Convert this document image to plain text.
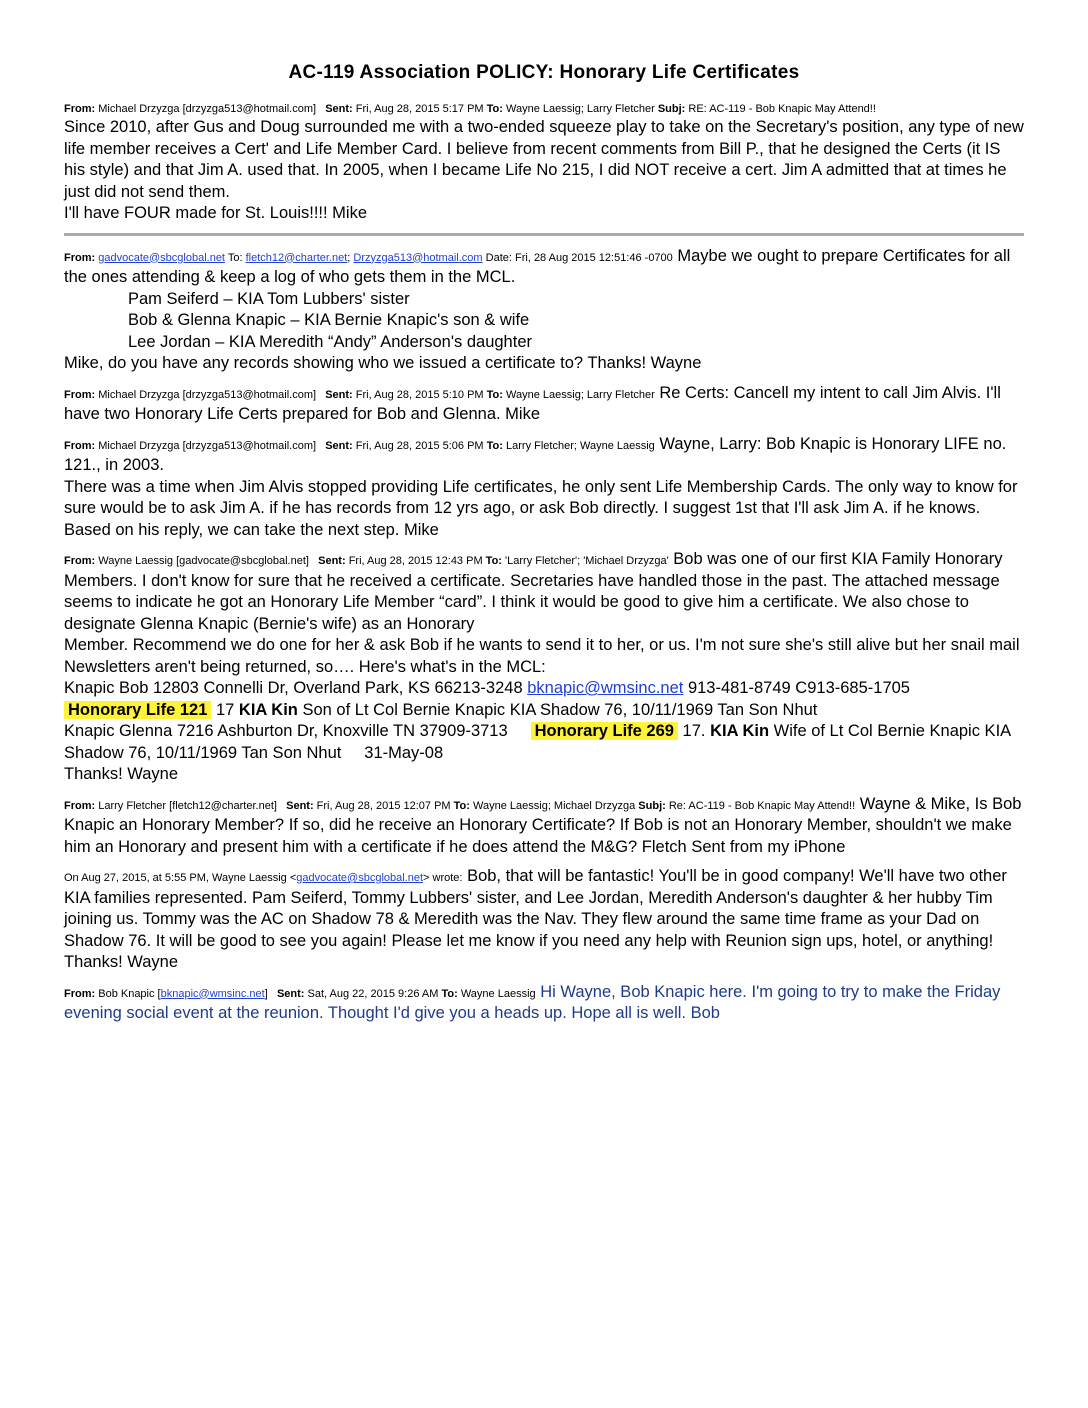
AC-119 Association POLICY: Honorary Life Certificates
From: Michael Drzyzga [drzyzga513@hotmail.com] Sent: Fri, Aug 28, 2015 5:17 PM To: Wayne Laessig; Larry Fletcher Subj: RE: AC-119 - Bob Knapic May Attend!!
Since 2010, after Gus and Doug surrounded me with a two-ended squeeze play to take on the Secretary's position, any type of new life member receives a Cert' and Life Member Card. I believe from recent comments from Bill P., that he designed the Certs (it IS his style) and that Jim A. used that. In 2005, when I became Life No 215, I did NOT receive a cert. Jim A admitted that at times he just did not send them.
I'll have FOUR made for St. Louis!!!! Mike
From: gadvocate@sbcglobal.net To: fletch12@charter.net; Drzyzga513@hotmail.com Date: Fri, 28 Aug 2015 12:51:46 -0700 Maybe we ought to prepare Certificates for all the ones attending & keep a log of who gets them in the MCL.
Pam Seiferd – KIA Tom Lubbers' sister
Bob & Glenna Knapic – KIA Bernie Knapic's son & wife
Lee Jordan – KIA Meredith “Andy” Anderson's daughter
Mike, do you have any records showing who we issued a certificate to? Thanks! Wayne
From: Michael Drzyzga [drzyzga513@hotmail.com] Sent: Fri, Aug 28, 2015 5:10 PM To: Wayne Laessig; Larry Fletcher Re Certs: Cancell my intent to call Jim Alvis. I'll have two Honorary Life Certs prepared for Bob and Glenna. Mike
From: Michael Drzyzga [drzyzga513@hotmail.com] Sent: Fri, Aug 28, 2015 5:06 PM To: Larry Fletcher; Wayne Laessig Wayne, Larry: Bob Knapic is Honorary LIFE no. 121., in 2003.
There was a time when Jim Alvis stopped providing Life certificates, he only sent Life Membership Cards. The only way to know for sure would be to ask Jim A. if he has records from 12 yrs ago, or ask Bob directly. I suggest 1st that I'll ask Jim A. if he knows. Based on his reply, we can take the next step. Mike
From: Wayne Laessig [gadvocate@sbcglobal.net] Sent: Fri, Aug 28, 2015 12:43 PM To: 'Larry Fletcher'; 'Michael Drzyzga' Bob was one of our first KIA Family Honorary Members. I don't know for sure that he received a certificate. Secretaries have handled those in the past. The attached message seems to indicate he got an Honorary Life Member “card”. I think it would be good to give him a certificate. We also chose to designate Glenna Knapic (Bernie's wife) as an Honorary
Member. Recommend we do one for her & ask Bob if he wants to send it to her, or us. I'm not sure she's still alive but her snail mail Newsletters aren't being returned, so…. Here's what's in the MCL:
Knapic Bob 12803 Connelli Dr, Overland Park, KS 66213-3248 bknapic@wmsinc.net 913-481-8749 C913-685-1705
Honorary Life 121 17 KIA Kin Son of Lt Col Bernie Knapic KIA Shadow 76, 10/11/1969 Tan Son Nhut
Knapic Glenna 7216 Ashburton Dr, Knoxville TN 37909-3713     Honorary Life 269 17. KIA Kin Wife of Lt Col Bernie Knapic KIA Shadow 76, 10/11/1969 Tan Son Nhut     31-May-08
Thanks! Wayne
From: Larry Fletcher [fletch12@charter.net] Sent: Fri, Aug 28, 2015 12:07 PM To: Wayne Laessig; Michael Drzyzga Subj: Re: AC-119 - Bob Knapic May Attend!! Wayne & Mike, Is Bob Knapic an Honorary Member? If so, did he receive an Honorary Certificate? If Bob is not an Honorary Member, shouldn't we make him an Honorary and present him with a certificate if he does attend the M&G? Fletch Sent from my iPhone
On Aug 27, 2015, at 5:55 PM, Wayne Laessig <gadvocate@sbcglobal.net> wrote: Bob, that will be fantastic! You'll be in good company! We'll have two other KIA families represented. Pam Seiferd, Tommy Lubbers' sister, and Lee Jordan, Meredith Anderson's daughter & her hubby Tim joining us. Tommy was the AC on Shadow 78 & Meredith was the Nav. They flew around the same time frame as your Dad on Shadow 76. It will be good to see you again! Please let me know if you need any help with Reunion sign ups, hotel, or anything! Thanks! Wayne
From: Bob Knapic [bknapic@wmsinc.net] Sent: Sat, Aug 22, 2015 9:26 AM To: Wayne Laessig Hi Wayne, Bob Knapic here. I'm going to try to make the Friday evening social event at the reunion. Thought I'd give you a heads up. Hope all is well. Bob
